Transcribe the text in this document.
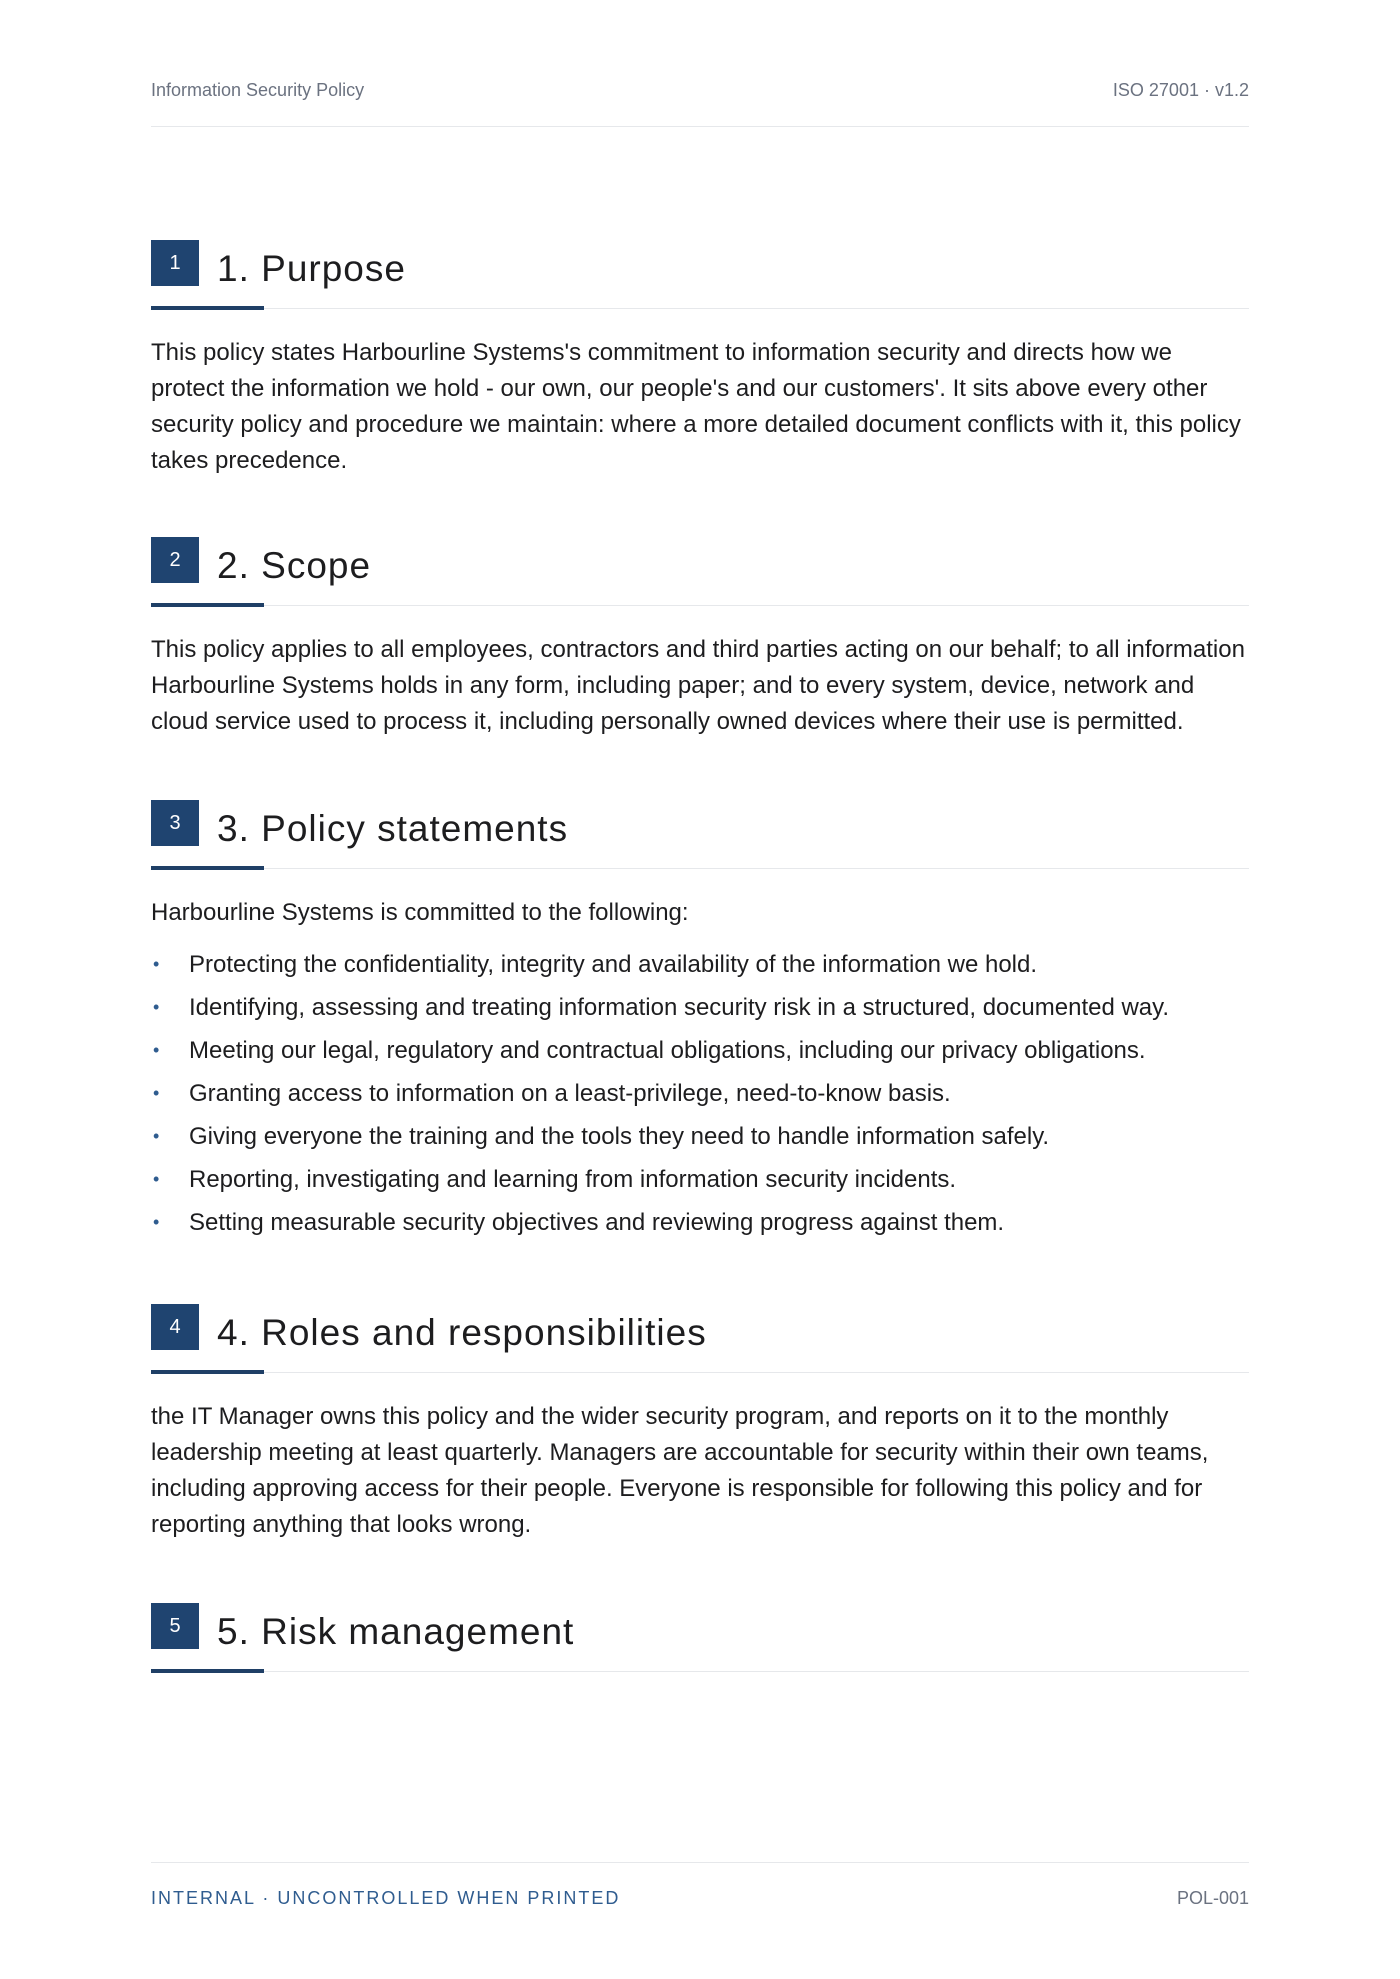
Information Security Policy	ISO 27001 · v1.2
1 1. Purpose

This policy states Harbourline Systems's commitment to information security and directs how we protect the information we hold - our own, our people's and our customers'. It sits above every other security policy and procedure we maintain: where a more detailed document conflicts with it, this policy takes precedence.

2 2. Scope

This policy applies to all employees, contractors and third parties acting on our behalf; to all information Harbourline Systems holds in any form, including paper; and to every system, device, network and cloud service used to process it, including personally owned devices where their use is permitted.

3 3. Policy statements

Harbourline Systems is committed to the following:

• Protecting the confidentiality, integrity and availability of the information we hold.
• Identifying, assessing and treating information security risk in a structured, documented way.
• Meeting our legal, regulatory and contractual obligations, including our privacy obligations.
• Granting access to information on a least-privilege, need-to-know basis.
• Giving everyone the training and the tools they need to handle information safely.
• Reporting, investigating and learning from information security incidents.
• Setting measurable security objectives and reviewing progress against them.
4 4. Roles and responsibilities

the IT Manager owns this policy and the wider security program, and reports on it to the monthly leadership meeting at least quarterly. Managers are accountable for security within their own teams, including approving access for their people. Everyone is responsible for following this policy and for reporting anything that looks wrong.

5 5. Risk management
INTERNAL · UNCONTROLLED WHEN PRINTED	POL-001
